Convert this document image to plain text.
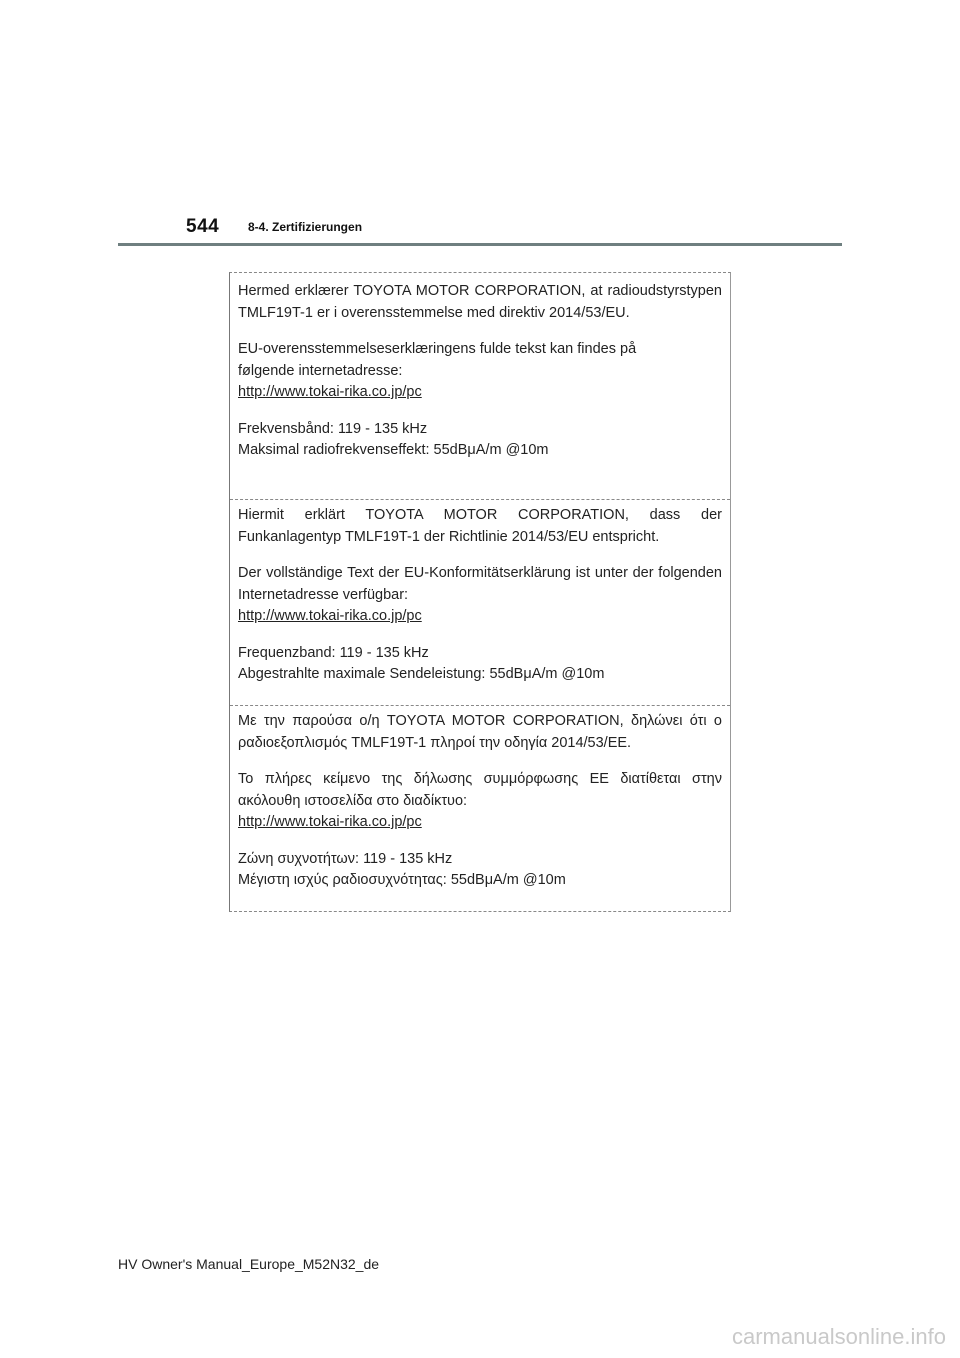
544 8-4. Zertifizierungen

Hermed erklærer TOYOTA MOTOR CORPORATION, at radioudstyrstypen TMLF19T-1 er i overensstemmelse med direktiv 2014/53/EU.

EU-overensstemmelseserklæringens fulde tekst kan findes på følgende internetadresse:

http://www.tokai-rika.co.jp/pc

Frekvensbånd: 119 - 135 kHz

Maksimal radiofrekvenseffekt: 55dBμA/m @10m

Hiermit erklärt TOYOTA MOTOR CORPORATION, dass der Funkanlagentyp TMLF19T-1 der Richtlinie 2014/53/EU entspricht.

Der vollständige Text der EU-Konformitätserklärung ist unter der folgenden Internetadresse verfügbar:

http://www.tokai-rika.co.jp/pc

Frequenzband: 119 - 135 kHz

Abgestrahlte maximale Sendeleistung: 55dBμA/m @10m

Με την παρούσα ο/η TOYOTA MOTOR CORPORATION, δηλώνει ότι ο ραδιοεξοπλισμός TMLF19T-1 πληροί την οδηγία 2014/53/ΕΕ.

Το πλήρες κείμενο της δήλωσης συμμόρφωσης ΕΕ διατίθεται στην ακόλουθη ιστοσελίδα στο διαδίκτυο:

http://www.tokai-rika.co.jp/pc

Ζώνη συχνοτήτων: 119 - 135 kHz

Μέγιστη ισχύς ραδιοσυχνότητας: 55dBμA/m @10m

HV Owner's Manual_Europe_M52N32_de
carmanualsonline.info
